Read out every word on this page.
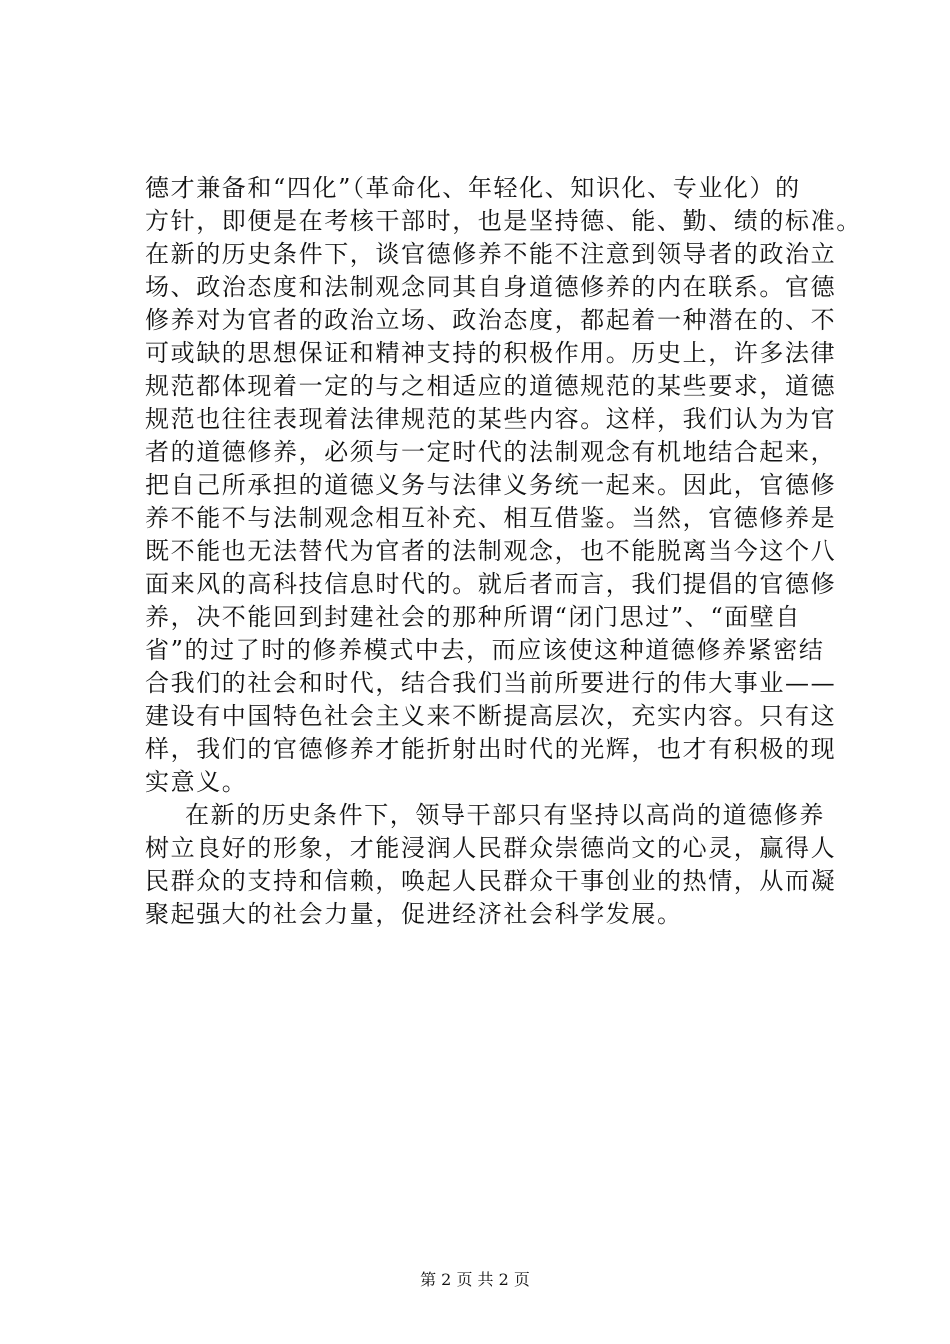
德才兼备和“四化”（革命化、年轻化、知识化、专业化）的
方针，即便是在考核干部时，也是坚持德、能、勤、绩的标准。
在新的历史条件下，谈官德修养不能不注意到领导者的政治立
场、政治态度和法制观念同其自身道德修养的内在联系。官德
修养对为官者的政治立场、政治态度，都起着一种潜在的、不
可或缺的思想保证和精神支持的积极作用。历史上，许多法律
规范都体现着一定的与之相适应的道德规范的某些要求，道德
规范也往往表现着法律规范的某些内容。这样，我们认为为官
者的道德修养，必须与一定时代的法制观念有机地结合起来，
把自己所承担的道德义务与法律义务统一起来。因此，官德修
养不能不与法制观念相互补充、相互借鉴。当然，官德修养是
既不能也无法替代为官者的法制观念，也不能脱离当今这个八
面来风的高科技信息时代的。就后者而言，我们提倡的官德修
养，决不能回到封建社会的那种所谓“闭门思过”、“面壁自
省”的过了时的修养模式中去，而应该使这种道德修养紧密结
合我们的社会和时代，结合我们当前所要进行的伟大事业——
建设有中国特色社会主义来不断提高层次，充实内容。只有这
样，我们的官德修养才能折射出时代的光辉，也才有积极的现
实意义。
在新的历史条件下，领导干部只有坚持以高尚的道德修养
树立良好的形象，才能浸润人民群众崇德尚文的心灵，赢得人
民群众的支持和信赖，唤起人民群众干事创业的热情，从而凝
聚起强大的社会力量，促进经济社会科学发展。
第 2 页 共 2 页
